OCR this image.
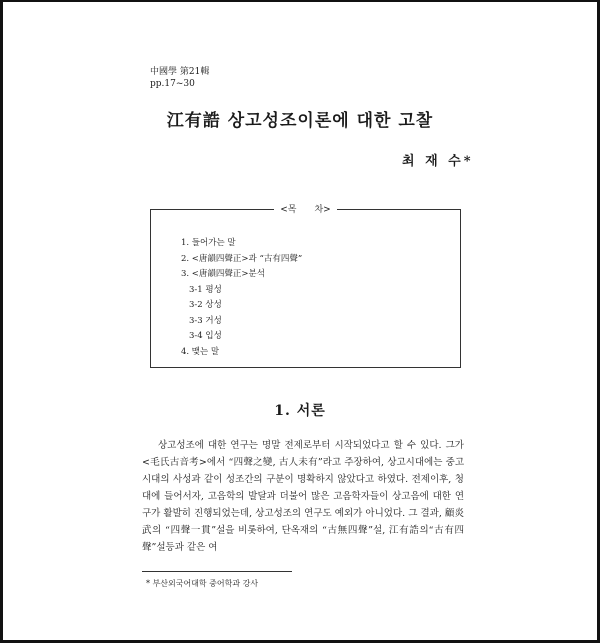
中國學 第21輯
pp.17~30
江有誥 상고성조이론에 대한 고찰
최 재 수*
<목　　차>
1. 들어가는 말
2. <唐韻四聲正>과 “古有四聲”
3. <唐韻四聲正>분석
3-1 평성
3-2 상성
3-3 거성
3-4 입성
4. 맺는 말
1. 서론

상고성조에 대한 연구는 명말 전제로부터 시작되었다고 할 수 있다. 그가 <毛氏古音考>에서 “四聲之變, 古人未有”라고 주장하여, 상고시대에는 중고시대의 사성과 같이 성조간의 구분이 명확하지 않았다고 하였다. 전제이후, 청대에 들어서자, 고음학의 발달과 더불어 많은 고음학자들이 상고음에 대한 연구가 활발히 진행되었는데, 상고성조의 연구도 예외가 아니었다. 그 결과, 顧炎武의 “四聲一貫”설을 비롯하여, 단옥재의 “古無四聲”설, 江有誥의“古有四聲”설등과 같은 여

* 부산외국어대학 중어학과 강사
